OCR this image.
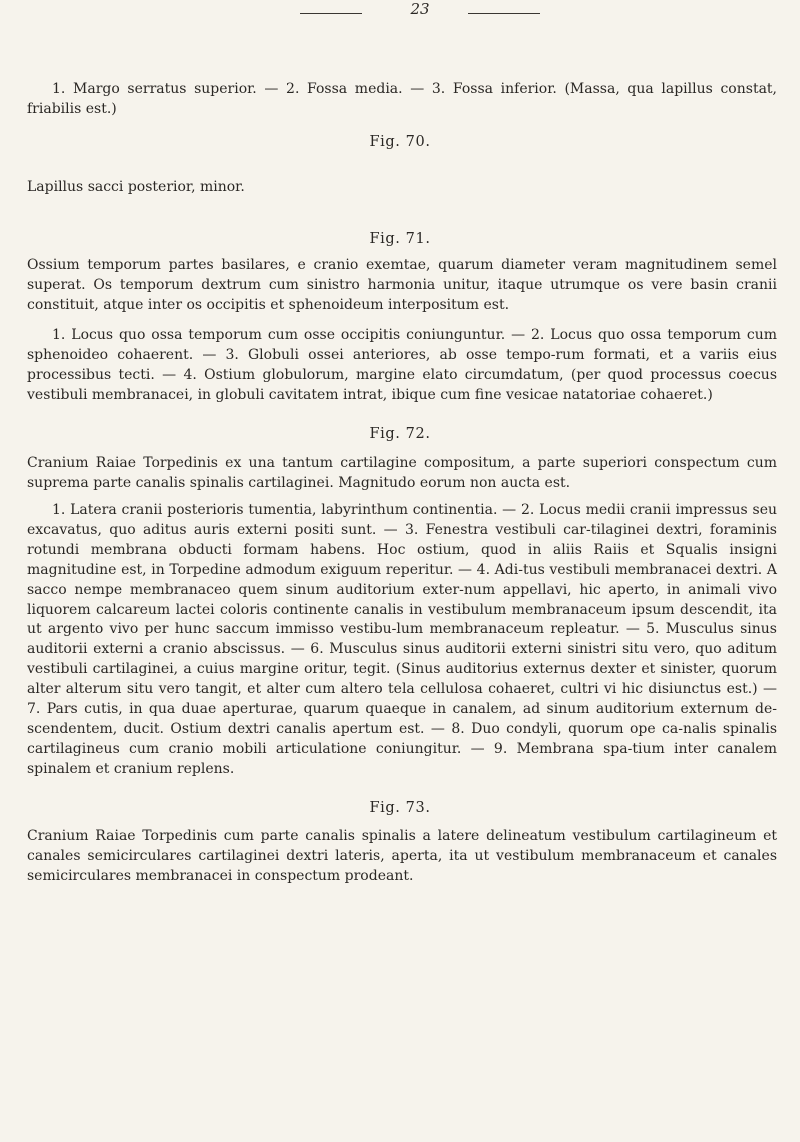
23

1. Margo serratus superior. — 2. Fossa media. — 3. Fossa inferior. (Massa, qua lapillus constat, friabilis est.)

Fig. 70.

Lapillus sacci posterior, minor.

Fig. 71.

Ossium temporum partes basilares, e cranio exemtae, quarum diameter veram magnitudinem semel superat. Os temporum dextrum cum sinistro harmonia unitur, itaque utrumque os vere basin cranii constituit, atque inter os occipitis et sphenoideum interpositum est.

1. Locus quo ossa temporum cum osse occipitis coniunguntur. — 2. Locus quo ossa temporum cum sphenoideo cohaerent. — 3. Globuli ossei anteriores, ab osse tempo-rum formati, et a variis eius processibus tecti. — 4. Ostium globulorum, margine elato circumdatum, (per quod processus coecus vestibuli membranacei, in globuli cavitatem intrat, ibique cum fine vesicae natatoriae cohaeret.)

Fig. 72.

Cranium Raiae Torpedinis ex una tantum cartilagine compositum, a parte superiori conspectum cum suprema parte canalis spinalis cartilaginei. Magnitudo eorum non aucta est.

1. Latera cranii posterioris tumentia, labyrinthum continentia. — 2. Locus medii cranii impressus seu excavatus, quo aditus auris externi positi sunt. — 3. Fenestra vestibuli car-tilaginei dextri, foraminis rotundi membrana obducti formam habens. Hoc ostium, quod in aliis Raiis et Squalis insigni magnitudine est, in Torpedine admodum exiguum reperitur. — 4. Adi-tus vestibuli membranacei dextri. A sacco nempe membranaceo quem sinum auditorium exter-num appellavi, hic aperto, in animali vivo liquorem calcareum lactei coloris continente canalis in vestibulum membranaceum ipsum descendit, ita ut argento vivo per hunc saccum immisso vestibu-lum membranaceum repleatur. — 5. Musculus sinus auditorii externi a cranio abscissus. — 6. Musculus sinus auditorii externi sinistri situ vero, quo aditum vestibuli cartilaginei, a cuius margine oritur, tegit. (Sinus auditorius externus dexter et sinister, quorum alter alterum situ vero tangit, et alter cum altero tela cellulosa cohaeret, cultri vi hic disiunctus est.) — 7. Pars cutis, in qua duae aperturae, quarum quaeque in canalem, ad sinum auditorium externum de-scendentem, ducit. Ostium dextri canalis apertum est. — 8. Duo condyli, quorum ope ca-nalis spinalis cartilagineus cum cranio mobili articulatione coniungitur. — 9. Membrana spa-tium inter canalem spinalem et cranium replens.

Fig. 73.

Cranium Raiae Torpedinis cum parte canalis spinalis a latere delineatum vestibulum cartilagineum et canales semicirculares cartilaginei dextri lateris, aperta, ita ut vestibulum membranaceum et canales semicirculares membranacei in conspectum prodeant.
